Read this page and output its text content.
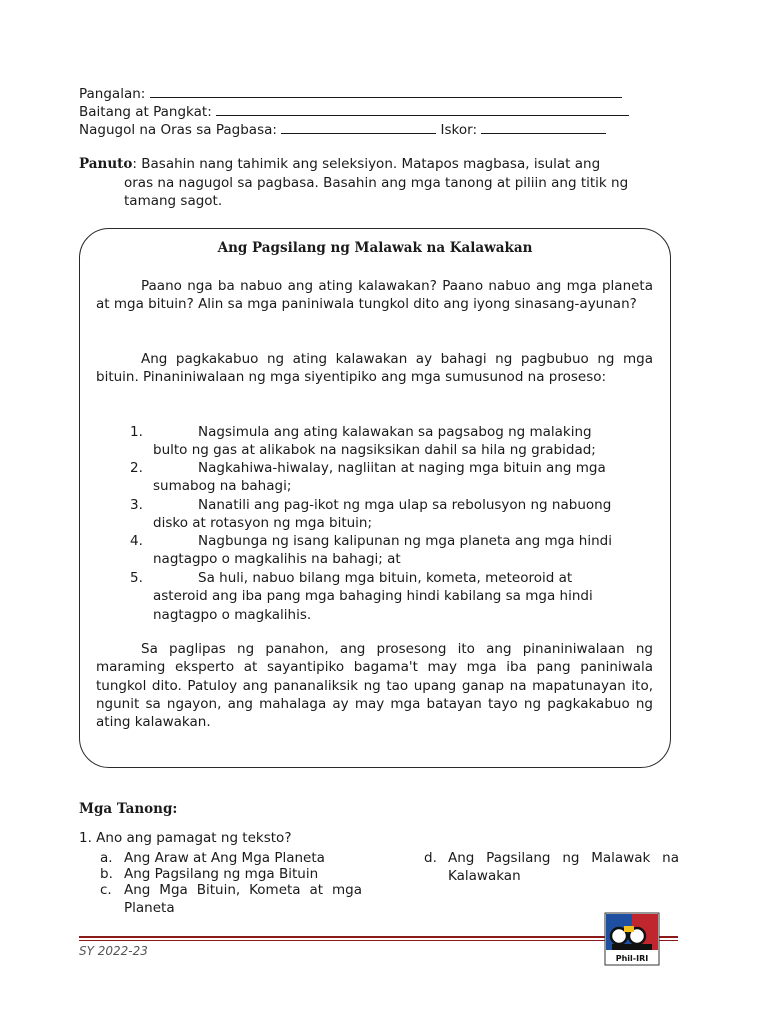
Pangalan:
Baitang at Pangkat:
Nagugol na Oras sa Pagbasa:	Iskor:
Panuto: Basahin nang tahimik ang seleksiyon. Matapos magbasa, isulat ang
oras na nagugol sa pagbasa. Basahin ang mga tanong at piliin ang titik ng
tamang sagot.
Ang Pagsilang ng Malawak na Kalawakan
Paano nga ba nabuo ang ating kalawakan? Paano nabuo ang mga planeta at mga bituin? Alin sa mga paniniwala tungkol dito ang iyong sinasang-ayunan?
Ang pagkakabuo ng ating kalawakan ay bahagi ng pagbubuo ng mga bituin. Pinaniniwalaan ng mga siyentipiko ang mga sumusunod na proseso:
1.	Nagsimula ang ating kalawakan sa pagsabog ng malaking
bulto ng gas at alikabok na nagsiksikan dahil sa hila ng grabidad;
2.	Nagkahiwa-hiwalay, nagliitan at naging mga bituin ang mga
sumabog na bahagi;
3.	Nanatili ang pag-ikot ng mga ulap sa rebolusyon ng nabuong
disko at rotasyon ng mga bituin;
4.	Nagbunga ng isang kalipunan ng mga planeta ang mga hindi
nagtagpo o magkalihis na bahagi; at
5.	Sa huli, nabuo bilang mga bituin, kometa, meteoroid at
asteroid ang iba pang mga bahaging hindi kabilang sa mga hindi
nagtagpo o magkalihis.
Sa paglipas ng panahon, ang prosesong ito ang pinaniniwalaan ng maraming eksperto at sayantipiko bagama't may mga iba pang paniniwala tungkol dito. Patuloy ang pananaliksik ng tao upang ganap na mapatunayan ito, ngunit sa ngayon, ang mahalaga ay may mga batayan tayo ng pagkakabuo ng ating kalawakan.
Mga Tanong:
1. Ano ang pamagat ng teksto?
a. Ang Araw at Ang Mga Planeta
b. Ang Pagsilang ng mga Bituin
c. Ang Mga Bituin, Kometa at mga Planeta
d. Ang Pagsilang ng Malawak na Kalawakan
SY 2022-23
Phil-IRI
